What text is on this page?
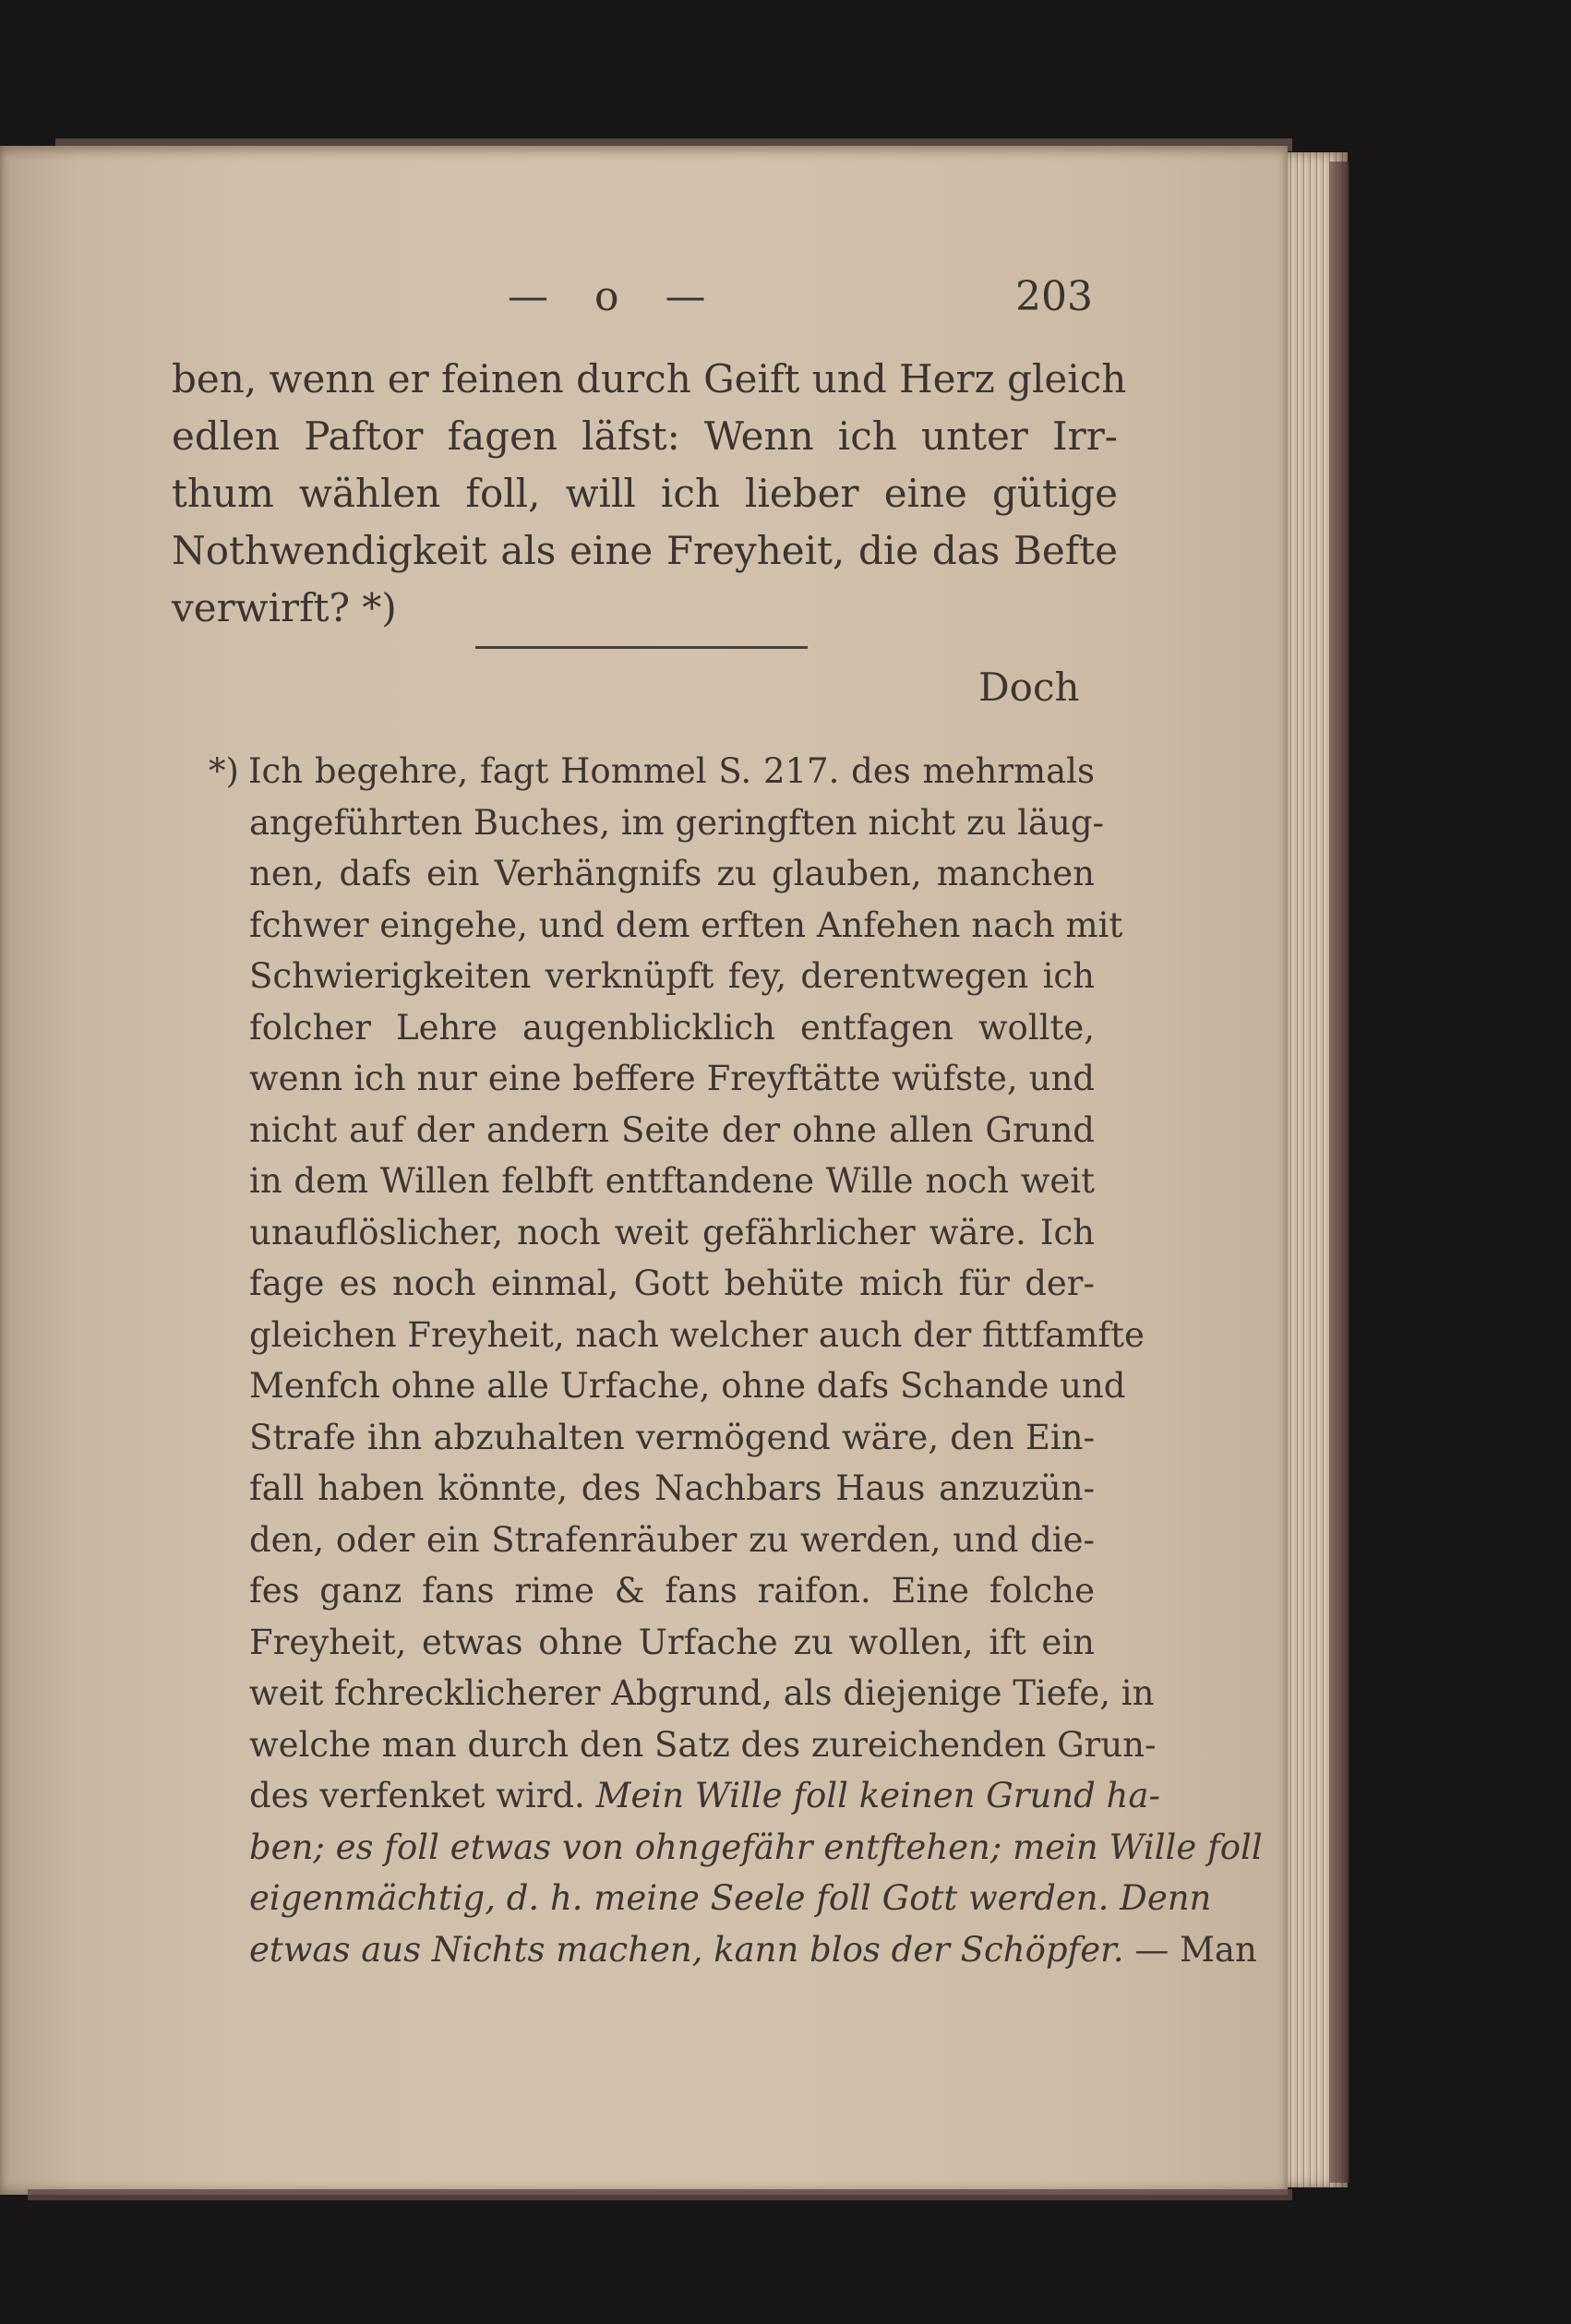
— o —	203
ben, wenn er feinen durch Geift und Herz gleich
edlen Paftor fagen läfst: Wenn ich unter Irr-
thum wählen foll, will ich lieber eine gütige
Nothwendigkeit als eine Freyheit, die das Befte
verwirft? *)
Doch
*) Ich begehre, fagt Hommel S. 217. des mehrmals
angeführten Buches, im geringften nicht zu läug-
nen, dafs ein Verhängnifs zu glauben, manchen
fchwer eingehe, und dem erften Anfehen nach mit
Schwierigkeiten verknüpft fey, derentwegen ich
folcher Lehre augenblicklich entfagen wollte,
wenn ich nur eine beffere Freyftätte wüfste, und
nicht auf der andern Seite der ohne allen Grund
in dem Willen felbft entftandene Wille noch weit
unauflöslicher, noch weit gefährlicher wäre. Ich
fage es noch einmal, Gott behüte mich für der-
gleichen Freyheit, nach welcher auch der fittfamfte
Menfch ohne alle Urfache, ohne dafs Schande und
Strafe ihn abzuhalten vermögend wäre, den Ein-
fall haben könnte, des Nachbars Haus anzuzün-
den, oder ein Strafenräuber zu werden, und die-
fes ganz fans rime & fans raifon. Eine folche
Freyheit, etwas ohne Urfache zu wollen, ift ein
weit fchrecklicherer Abgrund, als diejenige Tiefe, in
welche man durch den Satz des zureichenden Grun-
des verfenket wird. Mein Wille foll keinen Grund ha-
ben; es foll etwas von ohngefähr entftehen; mein Wille foll
eigenmächtig, d. h. meine Seele foll Gott werden. Denn
etwas aus Nichts machen, kann blos der Schöpfer. — Man
